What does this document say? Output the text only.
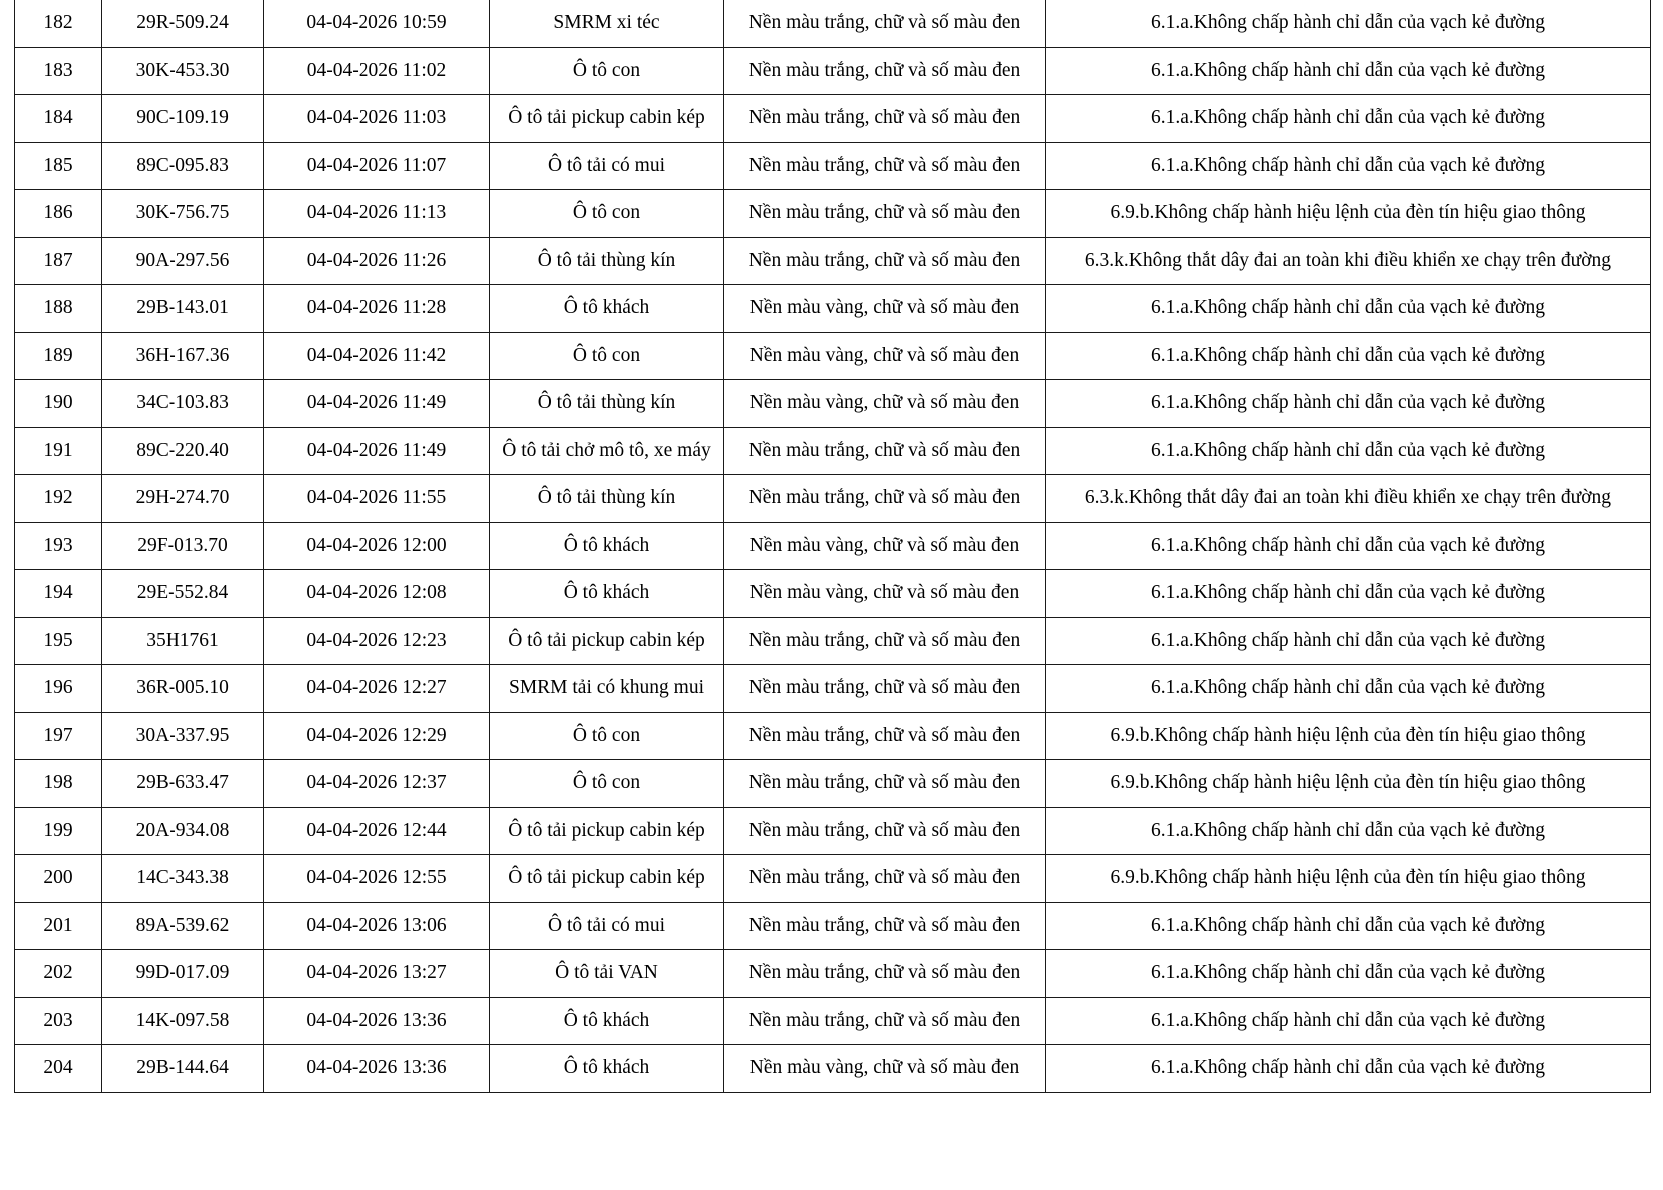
182	29R-509.24	04-04-2026 10:59	SMRM xi téc	Nền màu trắng, chữ và số màu đen	6.1.a.Không chấp hành chỉ dẫn của vạch kẻ đường
183	30K-453.30	04-04-2026 11:02	Ô tô con	Nền màu trắng, chữ và số màu đen	6.1.a.Không chấp hành chỉ dẫn của vạch kẻ đường
184	90C-109.19	04-04-2026 11:03	Ô tô tải pickup cabin kép	Nền màu trắng, chữ và số màu đen	6.1.a.Không chấp hành chỉ dẫn của vạch kẻ đường
185	89C-095.83	04-04-2026 11:07	Ô tô tải có mui	Nền màu trắng, chữ và số màu đen	6.1.a.Không chấp hành chỉ dẫn của vạch kẻ đường
186	30K-756.75	04-04-2026 11:13	Ô tô con	Nền màu trắng, chữ và số màu đen	6.9.b.Không chấp hành hiệu lệnh của đèn tín hiệu giao thông
187	90A-297.56	04-04-2026 11:26	Ô tô tải thùng kín	Nền màu trắng, chữ và số màu đen	6.3.k.Không thắt dây đai an toàn khi điều khiển xe chạy trên đường
188	29B-143.01	04-04-2026 11:28	Ô tô khách	Nền màu vàng, chữ và số màu đen	6.1.a.Không chấp hành chỉ dẫn của vạch kẻ đường
189	36H-167.36	04-04-2026 11:42	Ô tô con	Nền màu vàng, chữ và số màu đen	6.1.a.Không chấp hành chỉ dẫn của vạch kẻ đường
190	34C-103.83	04-04-2026 11:49	Ô tô tải thùng kín	Nền màu vàng, chữ và số màu đen	6.1.a.Không chấp hành chỉ dẫn của vạch kẻ đường
191	89C-220.40	04-04-2026 11:49	Ô tô tải chở mô tô, xe máy	Nền màu trắng, chữ và số màu đen	6.1.a.Không chấp hành chỉ dẫn của vạch kẻ đường
192	29H-274.70	04-04-2026 11:55	Ô tô tải thùng kín	Nền màu trắng, chữ và số màu đen	6.3.k.Không thắt dây đai an toàn khi điều khiển xe chạy trên đường
193	29F-013.70	04-04-2026 12:00	Ô tô khách	Nền màu vàng, chữ và số màu đen	6.1.a.Không chấp hành chỉ dẫn của vạch kẻ đường
194	29E-552.84	04-04-2026 12:08	Ô tô khách	Nền màu vàng, chữ và số màu đen	6.1.a.Không chấp hành chỉ dẫn của vạch kẻ đường
195	35H1761	04-04-2026 12:23	Ô tô tải pickup cabin kép	Nền màu trắng, chữ và số màu đen	6.1.a.Không chấp hành chỉ dẫn của vạch kẻ đường
196	36R-005.10	04-04-2026 12:27	SMRM tải có khung mui	Nền màu trắng, chữ và số màu đen	6.1.a.Không chấp hành chỉ dẫn của vạch kẻ đường
197	30A-337.95	04-04-2026 12:29	Ô tô con	Nền màu trắng, chữ và số màu đen	6.9.b.Không chấp hành hiệu lệnh của đèn tín hiệu giao thông
198	29B-633.47	04-04-2026 12:37	Ô tô con	Nền màu trắng, chữ và số màu đen	6.9.b.Không chấp hành hiệu lệnh của đèn tín hiệu giao thông
199	20A-934.08	04-04-2026 12:44	Ô tô tải pickup cabin kép	Nền màu trắng, chữ và số màu đen	6.1.a.Không chấp hành chỉ dẫn của vạch kẻ đường
200	14C-343.38	04-04-2026 12:55	Ô tô tải pickup cabin kép	Nền màu trắng, chữ và số màu đen	6.9.b.Không chấp hành hiệu lệnh của đèn tín hiệu giao thông
201	89A-539.62	04-04-2026 13:06	Ô tô tải có mui	Nền màu trắng, chữ và số màu đen	6.1.a.Không chấp hành chỉ dẫn của vạch kẻ đường
202	99D-017.09	04-04-2026 13:27	Ô tô tải VAN	Nền màu trắng, chữ và số màu đen	6.1.a.Không chấp hành chỉ dẫn của vạch kẻ đường
203	14K-097.58	04-04-2026 13:36	Ô tô khách	Nền màu trắng, chữ và số màu đen	6.1.a.Không chấp hành chỉ dẫn của vạch kẻ đường
204	29B-144.64	04-04-2026 13:36	Ô tô khách	Nền màu vàng, chữ và số màu đen	6.1.a.Không chấp hành chỉ dẫn của vạch kẻ đường
